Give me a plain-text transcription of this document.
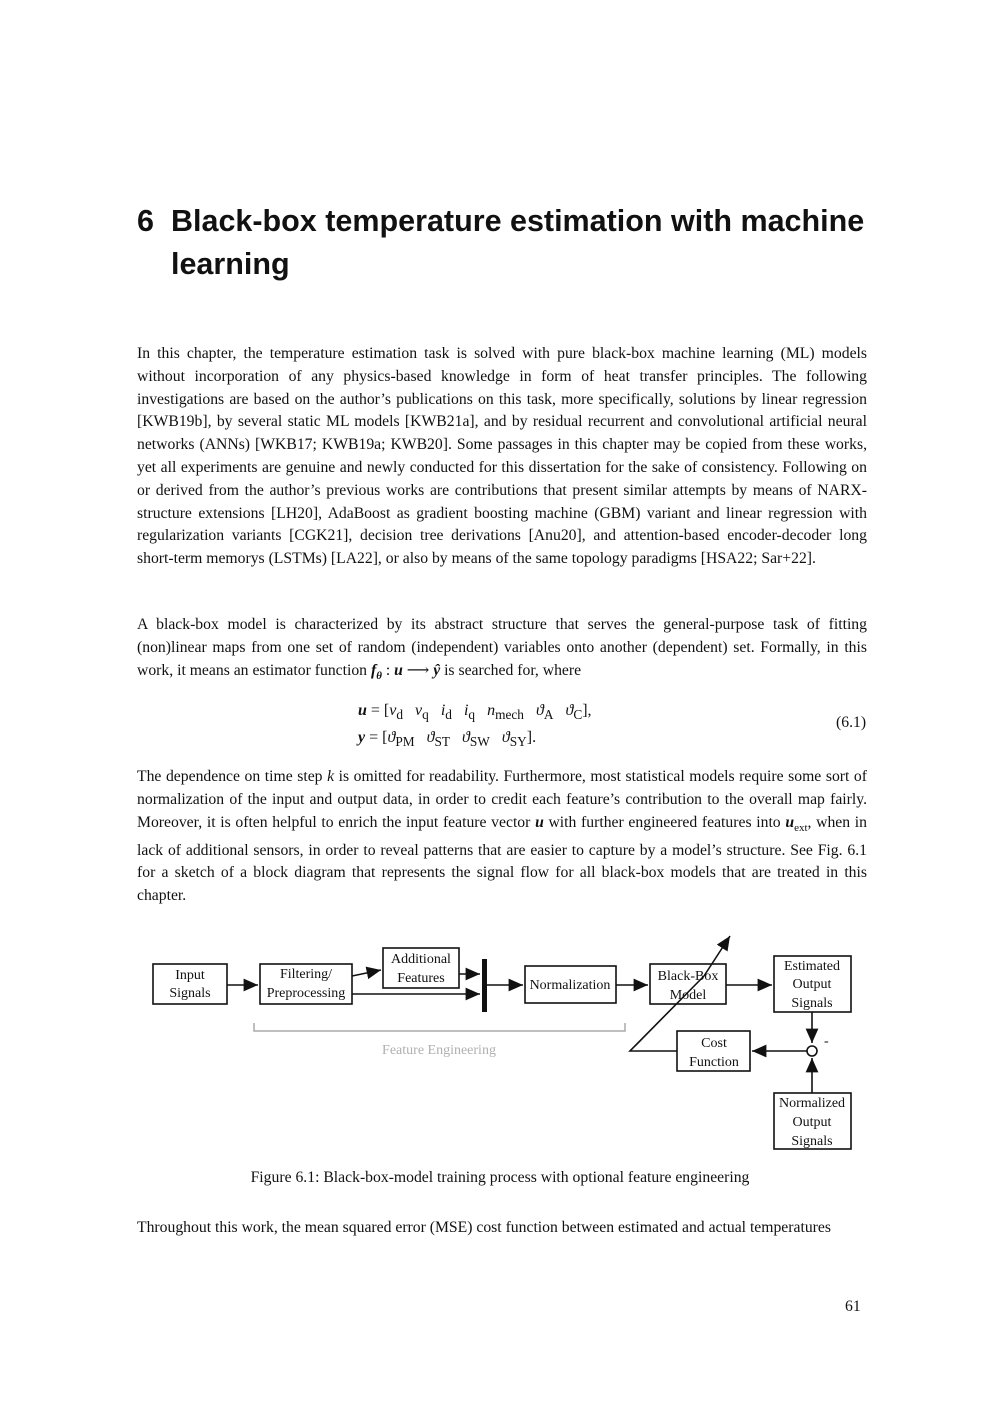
6 Black-box temperature estimation with machine learning

In this chapter, the temperature estimation task is solved with pure black-box machine learning (ML) models without incorporation of any physics-based knowledge in form of heat transfer principles. The following investigations are based on the author’s publications on this task, more specifically, solutions by linear regression [KWB19b], by several static ML models [KWB21a], and by residual recurrent and convolutional artificial neural networks (ANNs) [WKB17; KWB19a; KWB20]. Some passages in this chapter may be copied from these works, yet all experiments are genuine and newly conducted for this dissertation for the sake of consistency. Following on or derived from the author’s previous works are contributions that present similar attempts by means of NARX-structure extensions [LH20], AdaBoost as gradient boosting machine (GBM) variant and linear regression with regularization variants [CGK21], decision tree derivations [Anu20], and attention-based encoder-decoder long short-term memorys (LSTMs) [LA22], or also by means of the same topology paradigms [HSA22; Sar+22].

A black-box model is characterized by its abstract structure that serves the general-purpose task of fitting (non)linear maps from one set of random (independent) variables onto another (dependent) set. Formally, in this work, it means an estimator function $f_\theta$ : u ⟶ ŷ is searched for, where

$u = [v_d$ $v_q$ $i_d$ $i_q$ $n_{mech}$ $ϑ_A$ $ϑ_C$],
$y = [ϑ_{PM}$ $ϑ_{ST}$ $ϑ_{SW}$ $ϑ_{SY}$].
(6.1)

The dependence on time step k is omitted for readability. Furthermore, most statistical models require some sort of normalization of the input and output data, in order to credit each feature’s contribution to the overall map fairly. Moreover, it is often helpful to enrich the input feature vector u with further engineered features into $u_{ext}$, when in lack of additional sensors, in order to reveal patterns that are easier to capture by a model’s structure. See Fig. 6.1 for a sketch of a block diagram that represents the signal flow for all black-box models that are treated in this chapter.

Feature Engineering
-
Input
Signals
Filtering/
Preprocessing
Additional
Features	Normalization
Black-Box
Model
Estimated
Output
Signals
Cost
Function
Normalized
Output
Signals

Figure 6.1: Black-box-model training process with optional feature engineering

Throughout this work, the mean squared error (MSE) cost function between estimated and actual temperatures

61
